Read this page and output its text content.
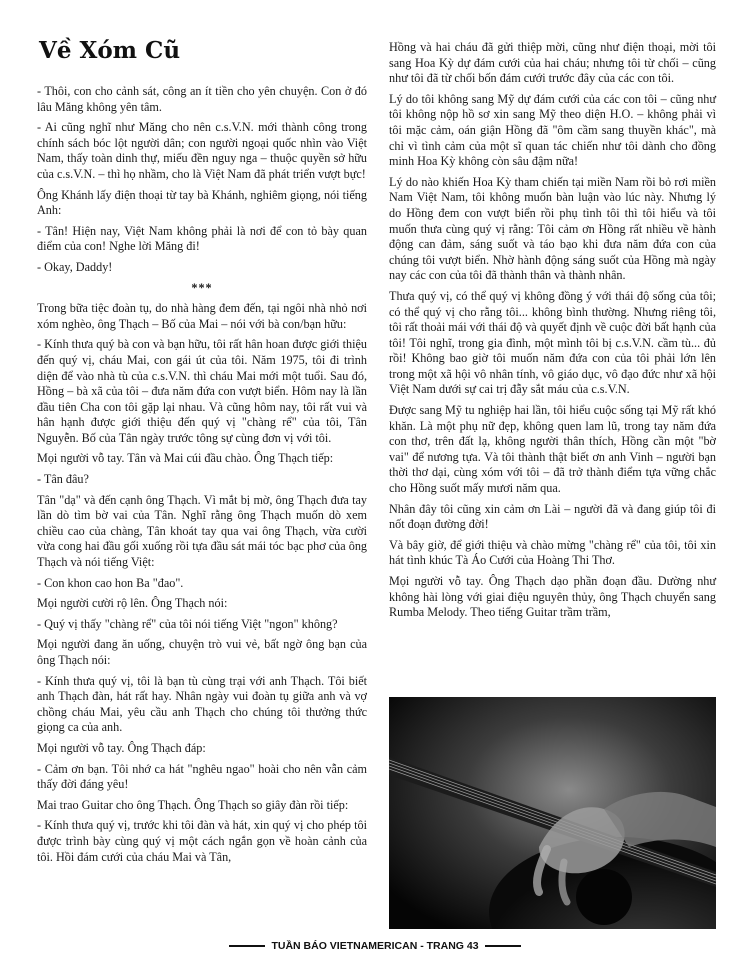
Về Xóm Cũ

- Thôi, con cho cảnh sát, công an ít tiền cho yên chuyện. Con ở đó lâu Măng không yên tâm.

- Ai cũng nghĩ như Măng cho nên c.s.V.N. mới thành công trong chính sách bóc lột người dân; con người ngoại quốc nhìn vào Việt Nam, thấy toàn dinh thự, miếu đền nguy nga – thuộc quyền sở hữu của c.s.V.N. – thì họ nhầm, cho là Việt Nam đã phát triển vượt bực!

Ông Khánh lấy điện thoại từ tay bà Khánh, nghiêm giọng, nói tiếng Anh:

- Tân! Hiện nay, Việt Nam không phải là nơi để con tỏ bày quan điểm của con! Nghe lời Măng đi!

- Okay, Daddy!

***

Trong bữa tiệc đoàn tụ, do nhà hàng đem đến, tại ngôi nhà nhỏ nơi xóm nghèo, ông Thạch – Bố của Mai – nói với bà con/bạn hữu:

- Kính thưa quý bà con và bạn hữu, tôi rất hân hoan được giới thiệu đến quý vị, cháu Mai, con gái út của tôi. Năm 1975, tôi đi trình diện để vào nhà tù của c.s.V.N. thì cháu Mai mới một tuổi. Sau đó, Hồng – bà xã của tôi – đưa năm đứa con vượt biển. Hôm nay là lần đầu tiên Cha con tôi gặp lại nhau. Và cũng hôm nay, tôi rất vui và hân hạnh được giới thiệu đến quý vị "chàng rể" của tôi, Tân Nguyễn. Bố của Tân ngày trước tông sự cùng đơn vị với tôi.

Mọi người vỗ tay. Tân và Mai cúi đầu chào. Ông Thạch tiếp:

- Tân đâu?

Tân "dạ" và đến cạnh ông Thạch. Vì mắt bị mờ, ông Thạch đưa tay lần dò tìm bờ vai của Tân. Nghĩ rằng ông Thạch muốn dò xem chiều cao của chàng, Tân khoát tay qua vai ông Thạch, vừa cười vừa cong hai đầu gối xuống rồi tựa đầu sát mái tóc bạc phơ của ông Thạch và nói tiếng Việt:

- Con khon cao hon Ba "đao".

Mọi người cười rộ lên. Ông Thạch nói:

- Quý vị thấy "chàng rể" của tôi nói tiếng Việt "ngon" không?

Mọi người đang ăn uống, chuyện trò vui vẻ, bất ngờ ông bạn của ông Thạch nói:

- Kính thưa quý vị, tôi là bạn tù cùng trại với anh Thạch. Tôi biết anh Thạch đàn, hát rất hay. Nhân ngày vui đoàn tụ giữa anh và vợ chồng cháu Mai, yêu cầu anh Thạch cho chúng tôi thưởng thức giọng ca của anh.

Mọi người vỗ tay. Ông Thạch đáp:

- Cảm ơn bạn. Tôi nhớ ca hát "nghêu ngao" hoài cho nên vẫn cảm thấy đời đáng yêu!

Mai trao Guitar cho ông Thạch. Ông Thạch so giây đàn rồi tiếp:

- Kính thưa quý vị, trước khi tôi đàn và hát, xin quý vị cho phép tôi được trình bày cùng quý vị một cách ngắn gọn về hoàn cảnh của tôi. Hồi đám cưới của cháu Mai và Tân,

Hồng và hai cháu đã gửi thiệp mời, cũng như điện thoại, mời tôi sang Hoa Kỳ dự đám cưới của hai cháu; nhưng tôi từ chối – cũng như tôi đã từ chối bốn đám cưới trước đây của các con tôi.

Lý do tôi không sang Mỹ dự đám cưới của các con tôi – cũng như tôi không nộp hồ sơ xin sang Mỹ theo diện H.O. – không phải vì tôi mặc cảm, oán giận Hồng đã "ôm cầm sang thuyền khác", mà chỉ vì tình cảm của một sĩ quan tác chiến như tôi dành cho đồng minh Hoa Kỳ không còn sâu đậm nữa!

Lý do nào khiến Hoa Kỳ tham chiến tại miền Nam rồi bỏ rơi miền Nam Việt Nam, tôi không muốn bàn luận vào lúc này. Nhưng lý do Hồng đem con vượt biển rồi phụ tình tôi thì tôi hiểu và tôi muốn thưa cùng quý vị rằng: Tôi cảm ơn Hồng rất nhiều về hành động can đảm, sáng suốt và táo bạo khi đưa năm đứa con của chúng tôi vượt biển. Nhờ hành động sáng suốt của Hồng mà ngày nay các con của tôi đã thành thân và thành nhân.

Thưa quý vị, có thể quý vị không đồng ý với thái độ sống của tôi; có thể quý vị cho rằng tôi... không bình thường. Nhưng riêng tôi, tôi rất thoải mái với thái độ và quyết định về cuộc đời bất hạnh của tôi! Tôi nghĩ, trong gia đình, một mình tôi bị c.s.V.N. cầm tù... đủ rồi! Không bao giờ tôi muốn năm đứa con của tôi phải lớn lên trong một xã hội vô nhân tính, vô giáo dục, vô đạo đức như xã hội Việt Nam dưới sự cai trị đẫy sắt máu của c.s.V.N.

Được sang Mỹ tu nghiệp hai lần, tôi hiểu cuộc sống tại Mỹ rất khó khăn. Là một phụ nữ đẹp, không quen lam lũ, trong tay năm đứa con thơ, trên đất lạ, không người thân thích, Hồng cần một "bờ vai" để nương tựa. Và tôi thành thật biết ơn anh Vinh – người bạn thời thơ dại, cùng xóm với tôi – đã trở thành điểm tựa vững chắc cho Hồng suốt mấy mươi năm qua.

Nhân đây tôi cũng xin cảm ơn Lài – người đã và đang giúp tôi đi nốt đoạn đường đời!

Và bây giờ, để giới thiệu và chào mừng "chàng rể" của tôi, tôi xin hát tình khúc Tà Áo Cưới của Hoàng Thi Thơ.

Mọi người vỗ tay. Ông Thạch dạo phần đoạn đầu. Dường như không hài lòng với giai điệu nguyên thủy, ông Thạch chuyển sang Rumba Melody. Theo tiếng Guitar trầm trầm,

TUẦN BÁO VIETNAMERICAN - TRANG 43
